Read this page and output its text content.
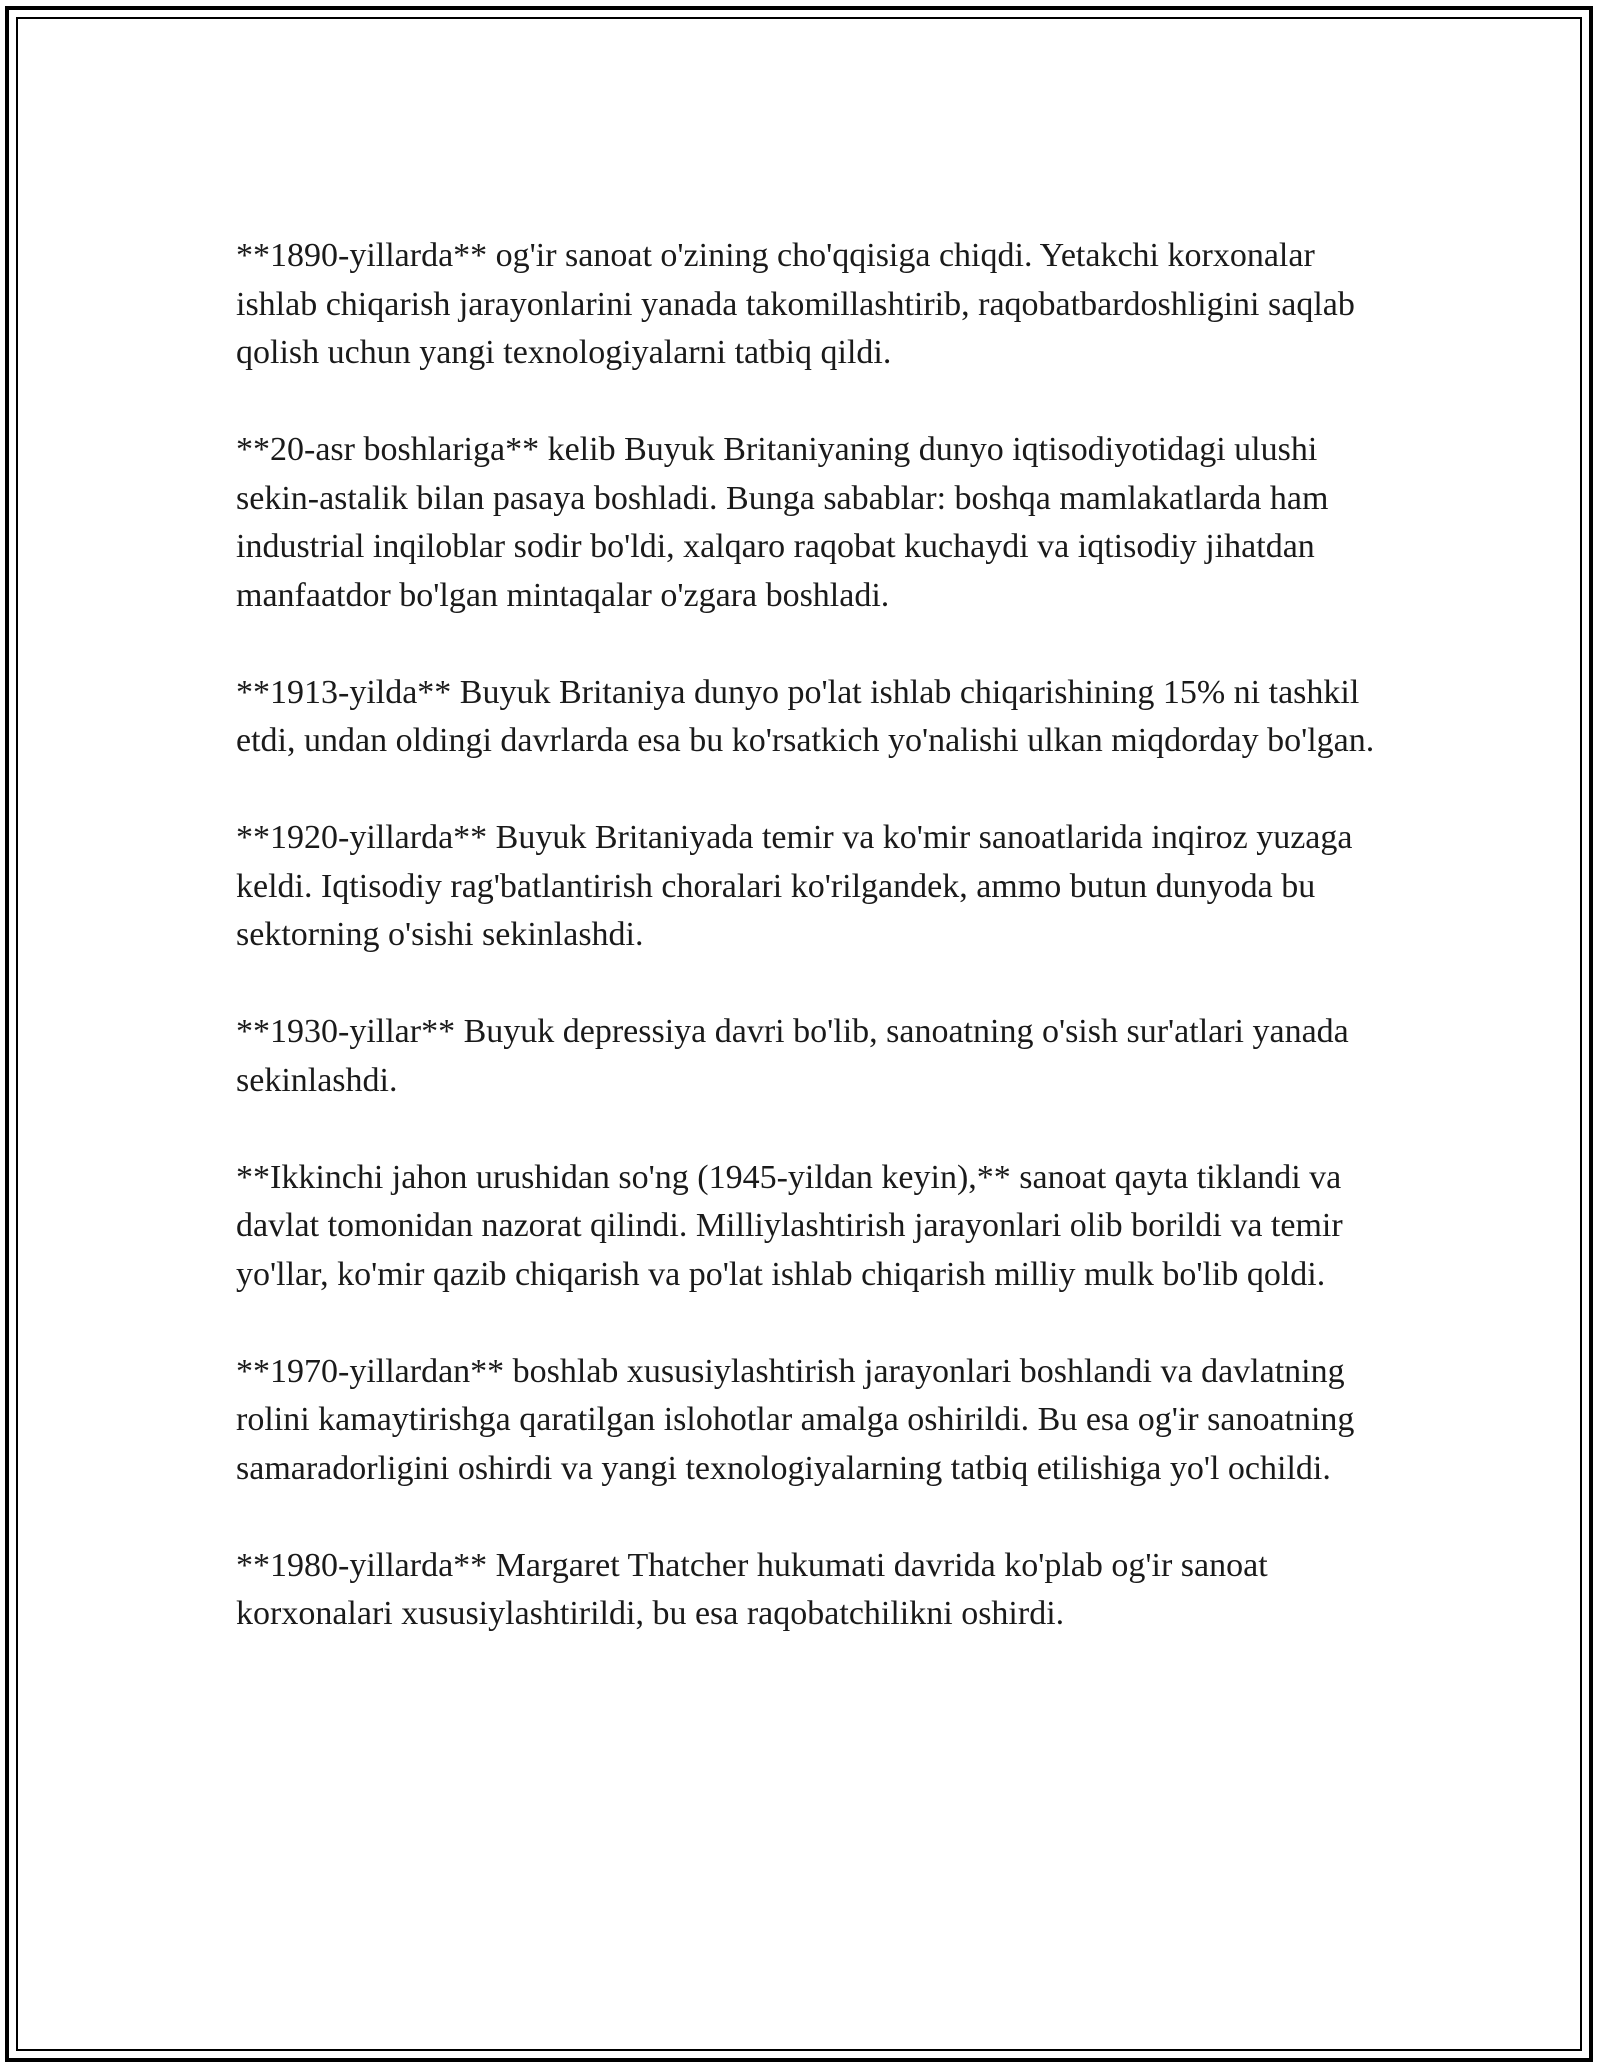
**1890-yillarda** og'ir sanoat o'zining cho'qqisiga chiqdi. Yetakchi korxonalar ishlab chiqarish jarayonlarini yanada takomillashtirib, raqobatbardoshligini saqlab qolish uchun yangi texnologiyalarni tatbiq qildi.

**20-asr boshlariga** kelib Buyuk Britaniyaning dunyo iqtisodiyotidagi ulushi sekin-astalik bilan pasaya boshladi. Bunga sabablar: boshqa mamlakatlarda ham industrial inqiloblar sodir bo'ldi, xalqaro raqobat kuchaydi va iqtisodiy jihatdan manfaatdor bo'lgan mintaqalar o'zgara boshladi.

**1913-yilda** Buyuk Britaniya dunyo po'lat ishlab chiqarishining 15% ni tashkil etdi, undan oldingi davrlarda esa bu ko'rsatkich yo'nalishi ulkan miqdorday bo'lgan.

**1920-yillarda** Buyuk Britaniyada temir va ko'mir sanoatlarida inqiroz yuzaga keldi. Iqtisodiy rag'batlantirish choralari ko'rilgandek, ammo butun dunyoda bu sektorning o'sishi sekinlashdi.

**1930-yillar** Buyuk depressiya davri bo'lib, sanoatning o'sish sur'atlari yanada sekinlashdi.

**Ikkinchi jahon urushidan so'ng (1945-yildan keyin),** sanoat qayta tiklandi va davlat tomonidan nazorat qilindi. Milliylashtirish jarayonlari olib borildi va temir yo'llar, ko'mir qazib chiqarish va po'lat ishlab chiqarish milliy mulk bo'lib qoldi.

**1970-yillardan** boshlab xususiylashtirish jarayonlari boshlandi va davlatning rolini kamaytirishga qaratilgan islohotlar amalga oshirildi. Bu esa og'ir sanoatning samaradorligini oshirdi va yangi texnologiyalarning tatbiq etilishiga yo'l ochildi.

**1980-yillarda** Margaret Thatcher hukumati davrida ko'plab og'ir sanoat korxonalari xususiylashtirildi, bu esa raqobatchilikni oshirdi.
